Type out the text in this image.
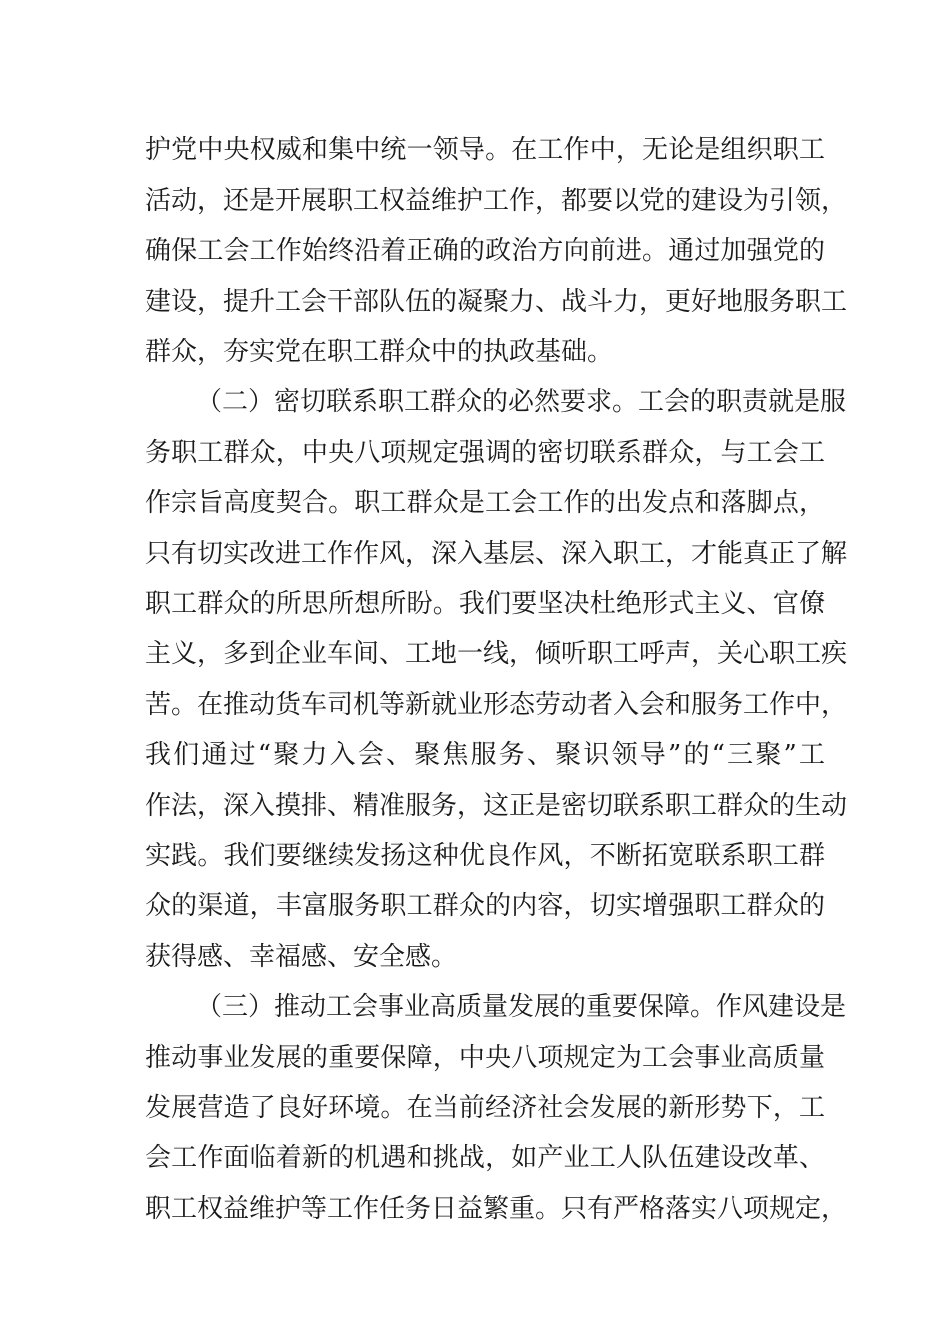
护党中央权威和集中统一领导。在工作中，无论是组织职工
活动，还是开展职工权益维护工作，都要以党的建设为引领，
确保工会工作始终沿着正确的政治方向前进。通过加强党的
建设，提升工会干部队伍的凝聚力、战斗力，更好地服务职工
群众，夯实党在职工群众中的执政基础。
（二）密切联系职工群众的必然要求。工会的职责就是服
务职工群众，中央八项规定强调的密切联系群众，与工会工
作宗旨高度契合。职工群众是工会工作的出发点和落脚点，
只有切实改进工作作风，深入基层、深入职工，才能真正了解
职工群众的所思所想所盼。我们要坚决杜绝形式主义、官僚
主义，多到企业车间、工地一线，倾听职工呼声，关心职工疾
苦。在推动货车司机等新就业形态劳动者入会和服务工作中，
我们通过“聚力入会、聚焦服务、聚识领导”的“三聚”工
作法，深入摸排、精准服务，这正是密切联系职工群众的生动
实践。我们要继续发扬这种优良作风，不断拓宽联系职工群
众的渠道，丰富服务职工群众的内容，切实增强职工群众的
获得感、幸福感、安全感。
（三）推动工会事业高质量发展的重要保障。作风建设是
推动事业发展的重要保障，中央八项规定为工会事业高质量
发展营造了良好环境。在当前经济社会发展的新形势下，工
会工作面临着新的机遇和挑战，如产业工人队伍建设改革、
职工权益维护等工作任务日益繁重。只有严格落实八项规定，
